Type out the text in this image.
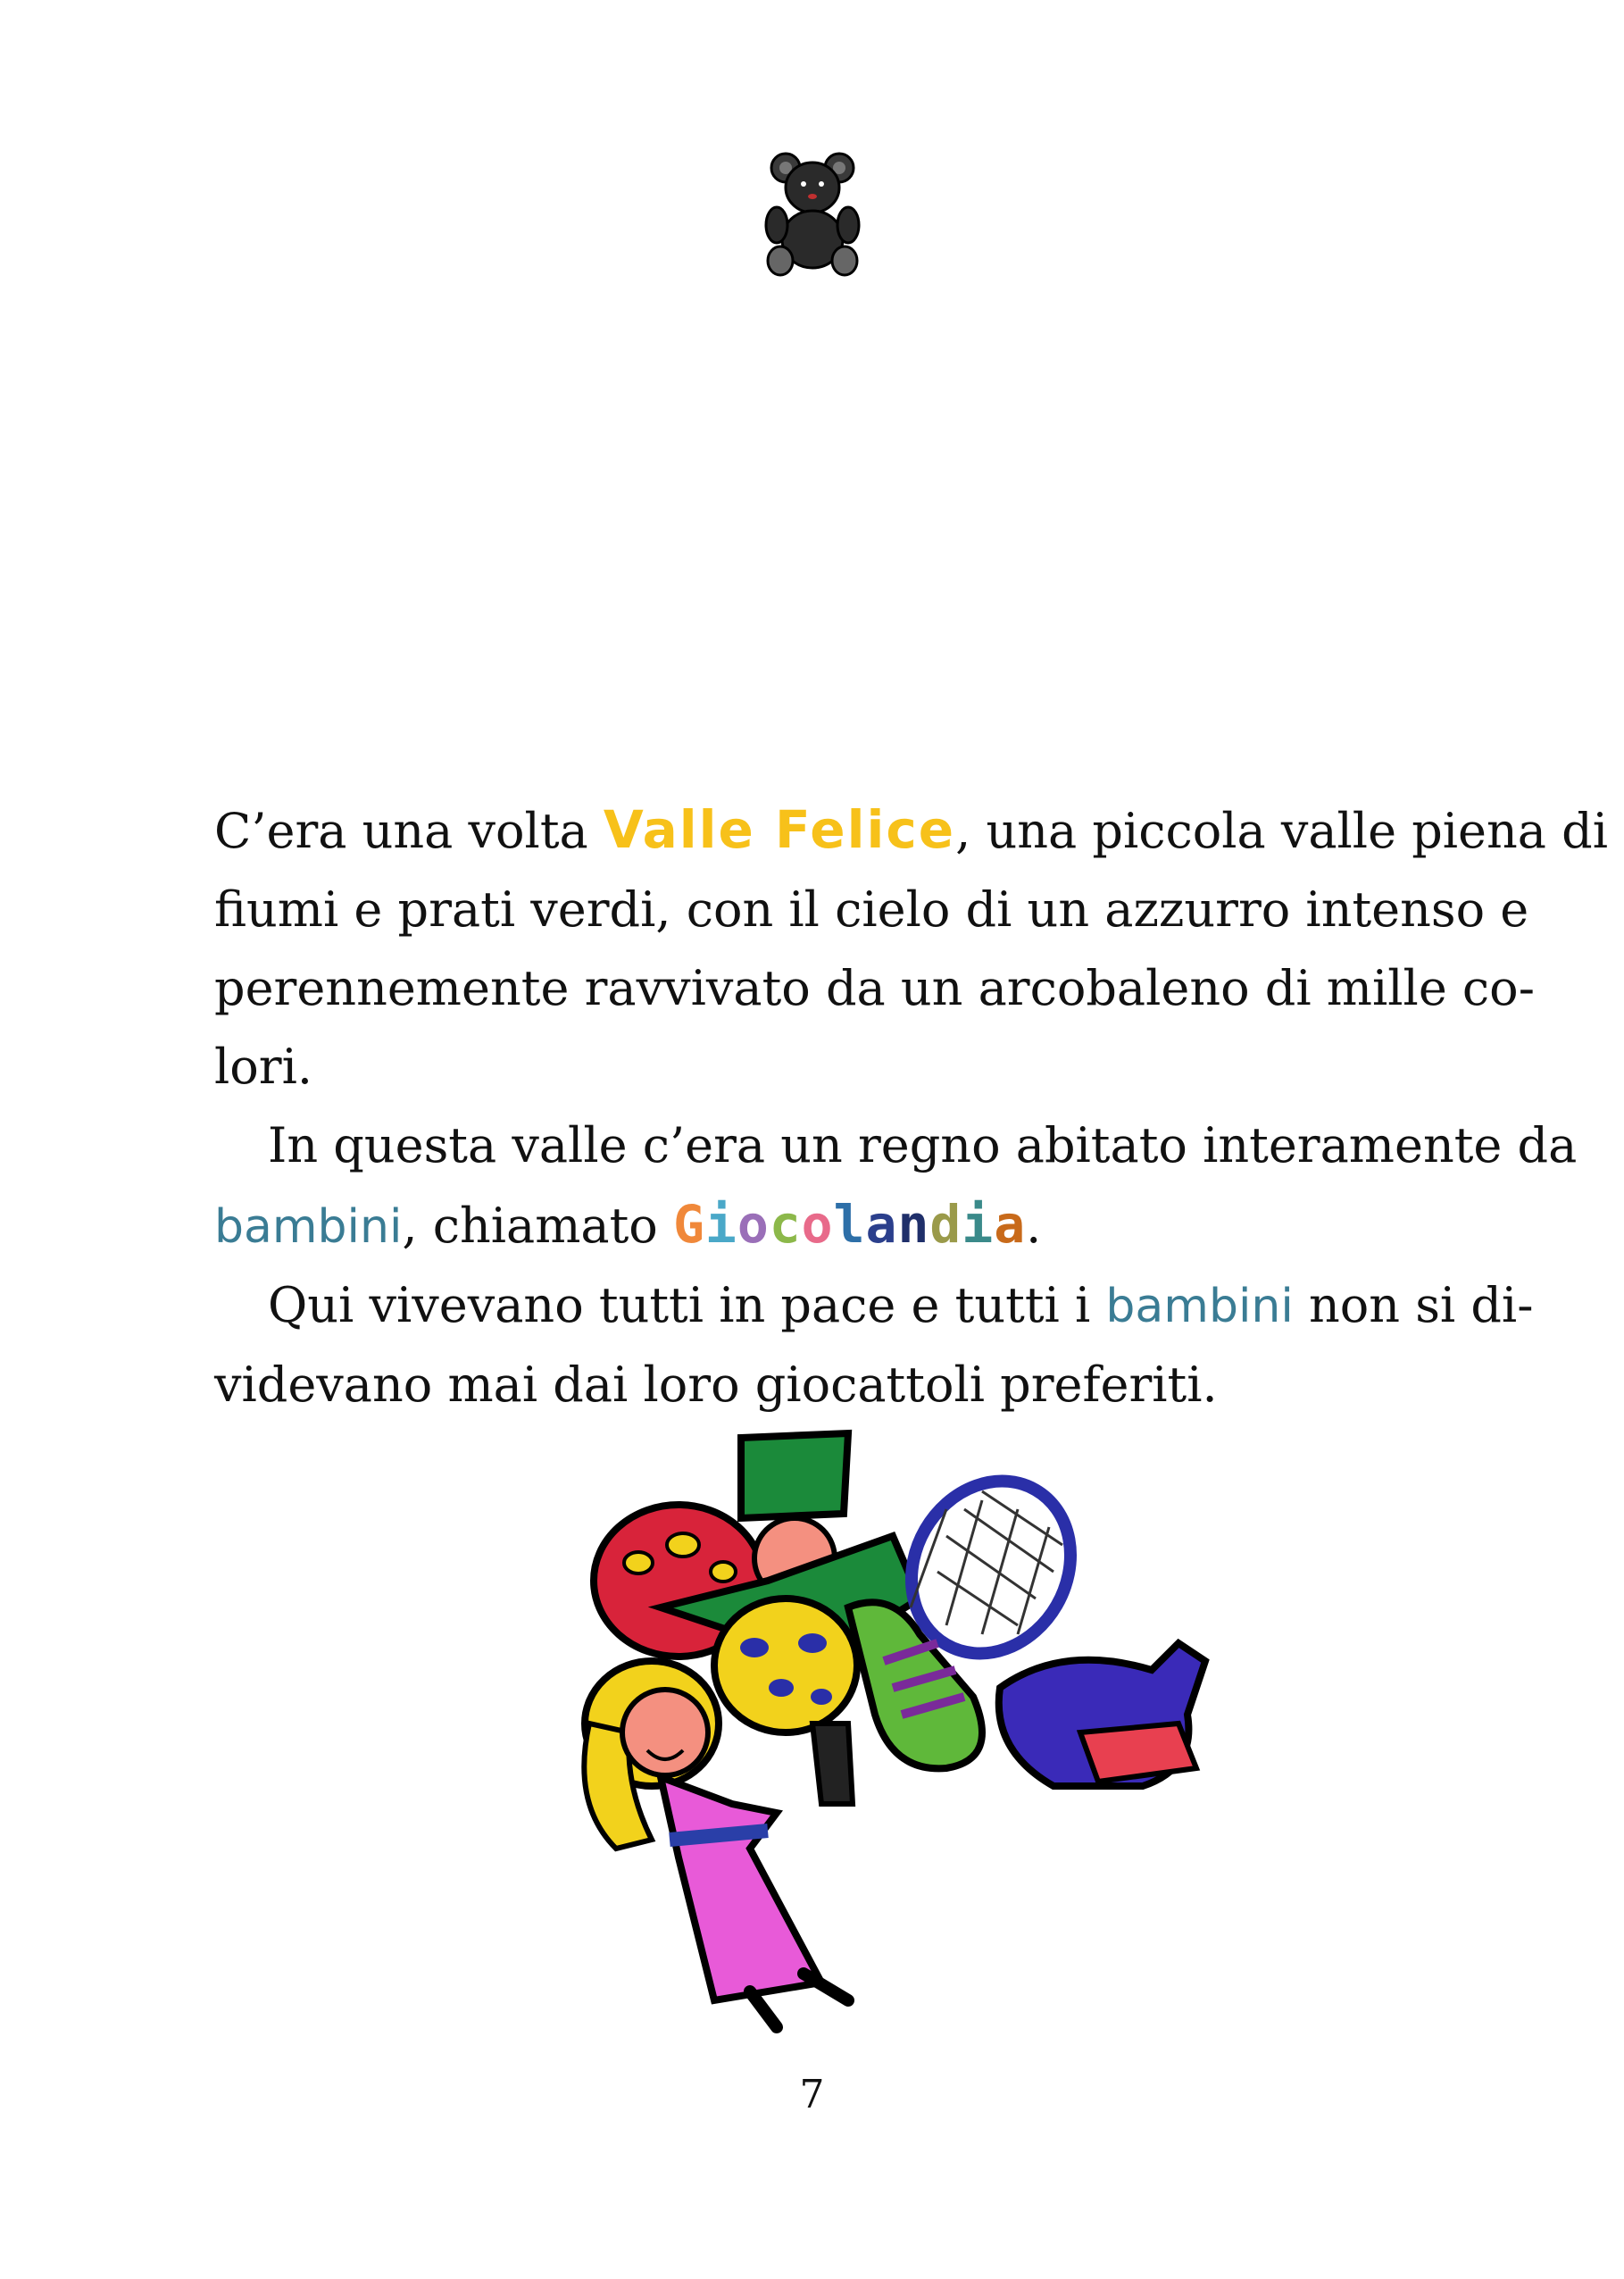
C’era una volta Valle Felice, una piccola valle piena di
fiumi e prati verdi, con il cielo di un azzurro intenso e
perennemente ravvivato da un arcobaleno di mille co-
lori.

In questa valle c’era un regno abitato interamente da
bambini, chiamato Giocolandia.

Qui vivevano tutti in pace e tutti i bambini non si di-
videvano mai dai loro giocattoli preferiti.

7
